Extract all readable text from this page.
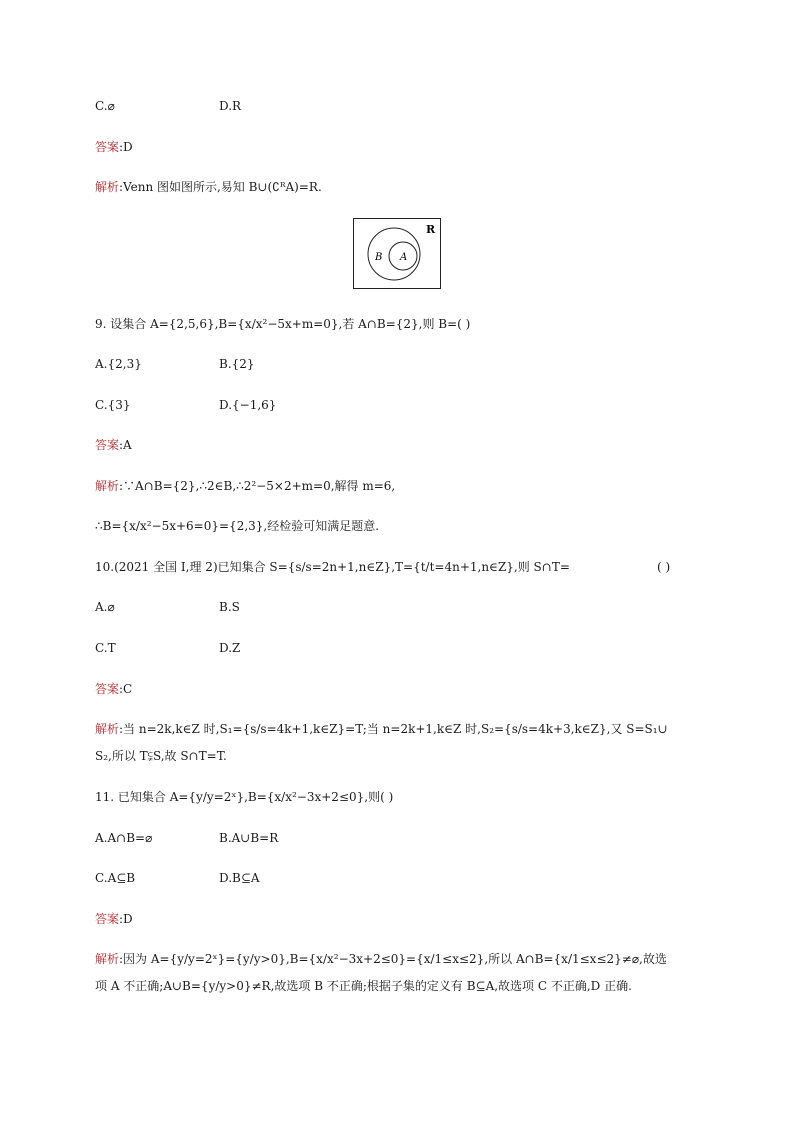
C.⌀	D.R
答案:D
解析:Venn 图如图所示,易知 B∪(∁ᴿA)=R.
R
B A
9. 设集合 A={2,5,6},B={x/x²−5x+m=0},若 A∩B={2},则 B=( )
A.{2,3}	B.{2}
C.{3}	D.{−1,6}
答案:A
解析:∵A∩B={2},∴2∈B,∴2²−5×2+m=0,解得 m=6,
∴B={x/x²−5x+6=0}={2,3},经检验可知满足题意.
10.(2021 全国 Ⅰ,理 2)已知集合 S={s/s=2n+1,n∈Z},T={t/t=4n+1,n∈Z},则 S∩T=	( )
A.⌀	B.S
C.T	D.Z
答案:C
解析:当 n=2k,k∈Z 时,S₁={s/s=4k+1,k∈Z}=T;当 n=2k+1,k∈Z 时,S₂={s/s=4k+3,k∈Z},又 S=S₁∪
S₂,所以 T⫋S,故 S∩T=T.
11. 已知集合 A={y/y=2ˣ},B={x/x²−3x+2≤0},则( )
A.A∩B=⌀	B.A∪B=R
C.A⊆B	D.B⊆A
答案:D
解析:因为 A={y/y=2ˣ}={y/y>0},B={x/x²−3x+2≤0}={x/1≤x≤2},所以 A∩B={x/1≤x≤2}≠⌀,故选
项 A 不正确;A∪B={y/y>0}≠R,故选项 B 不正确;根据子集的定义有 B⊆A,故选项 C 不正确,D 正确.
